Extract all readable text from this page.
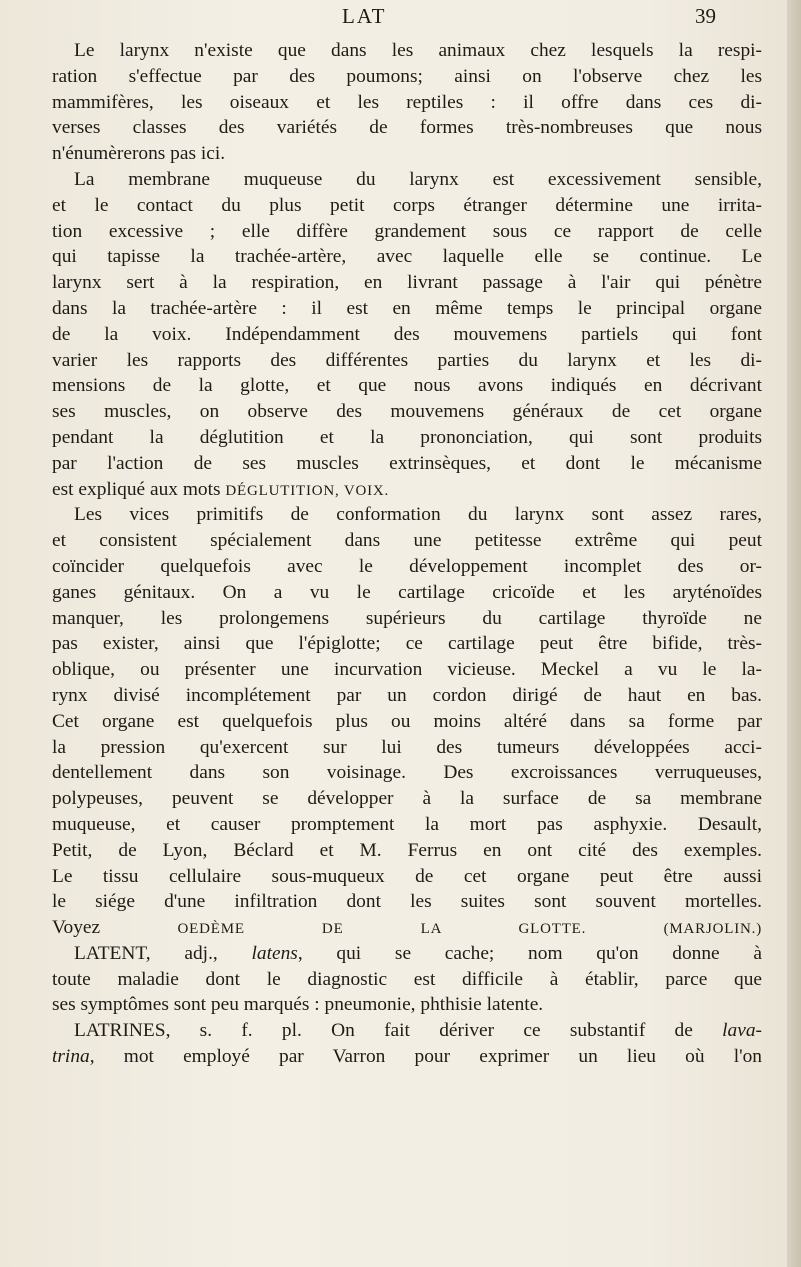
LAT	39
Le larynx n'existe que dans les animaux chez lesquels la respi-
ration s'effectue par des poumons; ainsi on l'observe chez les
mammifères, les oiseaux et les reptiles : il offre dans ces di-
verses classes des variétés de formes très-nombreuses que nous
n'énumèrerons pas ici.
La membrane muqueuse du larynx est excessivement sensible,
et le contact du plus petit corps étranger détermine une irrita-
tion excessive ; elle diffère grandement sous ce rapport de celle
qui tapisse la trachée-artère, avec laquelle elle se continue. Le
larynx sert à la respiration, en livrant passage à l'air qui pénètre
dans la trachée-artère : il est en même temps le principal organe
de la voix. Indépendamment des mouvemens partiels qui font
varier les rapports des différentes parties du larynx et les di-
mensions de la glotte, et que nous avons indiqués en décrivant
ses muscles, on observe des mouvemens généraux de cet organe
pendant la déglutition et la prononciation, qui sont produits
par l'action de ses muscles extrinsèques, et dont le mécanisme
est expliqué aux mots DÉGLUTITION, VOIX.
Les vices primitifs de conformation du larynx sont assez rares,
et consistent spécialement dans une petitesse extrême qui peut
coïncider quelquefois avec le développement incomplet des or-
ganes génitaux. On a vu le cartilage cricoïde et les aryténoïdes
manquer, les prolongemens supérieurs du cartilage thyroïde ne
pas exister, ainsi que l'épiglotte; ce cartilage peut être bifide, très-
oblique, ou présenter une incurvation vicieuse. Meckel a vu le la-
rynx divisé incomplétement par un cordon dirigé de haut en bas.
Cet organe est quelquefois plus ou moins altéré dans sa forme par
la pression qu'exercent sur lui des tumeurs développées acci-
dentellement dans son voisinage. Des excroissances verruqueuses,
polypeuses, peuvent se développer à la surface de sa membrane
muqueuse, et causer promptement la mort pas asphyxie. Desault,
Petit, de Lyon, Béclard et M. Ferrus en ont cité des exemples.
Le tissu cellulaire sous-muqueux de cet organe peut être aussi
le siége d'une infiltration dont les suites sont souvent mortelles.
Voyez	OEDÈME DE LA GLOTTE.	(MARJOLIN.)
LATENT, adj., latens, qui se cache; nom qu'on donne à
toute maladie dont le diagnostic est difficile à établir, parce que
ses symptômes sont peu marqués : pneumonie, phthisie latente.
LATRINES, s. f. pl. On fait dériver ce substantif de lava-
trina, mot employé par Varron pour exprimer un lieu où l'on
